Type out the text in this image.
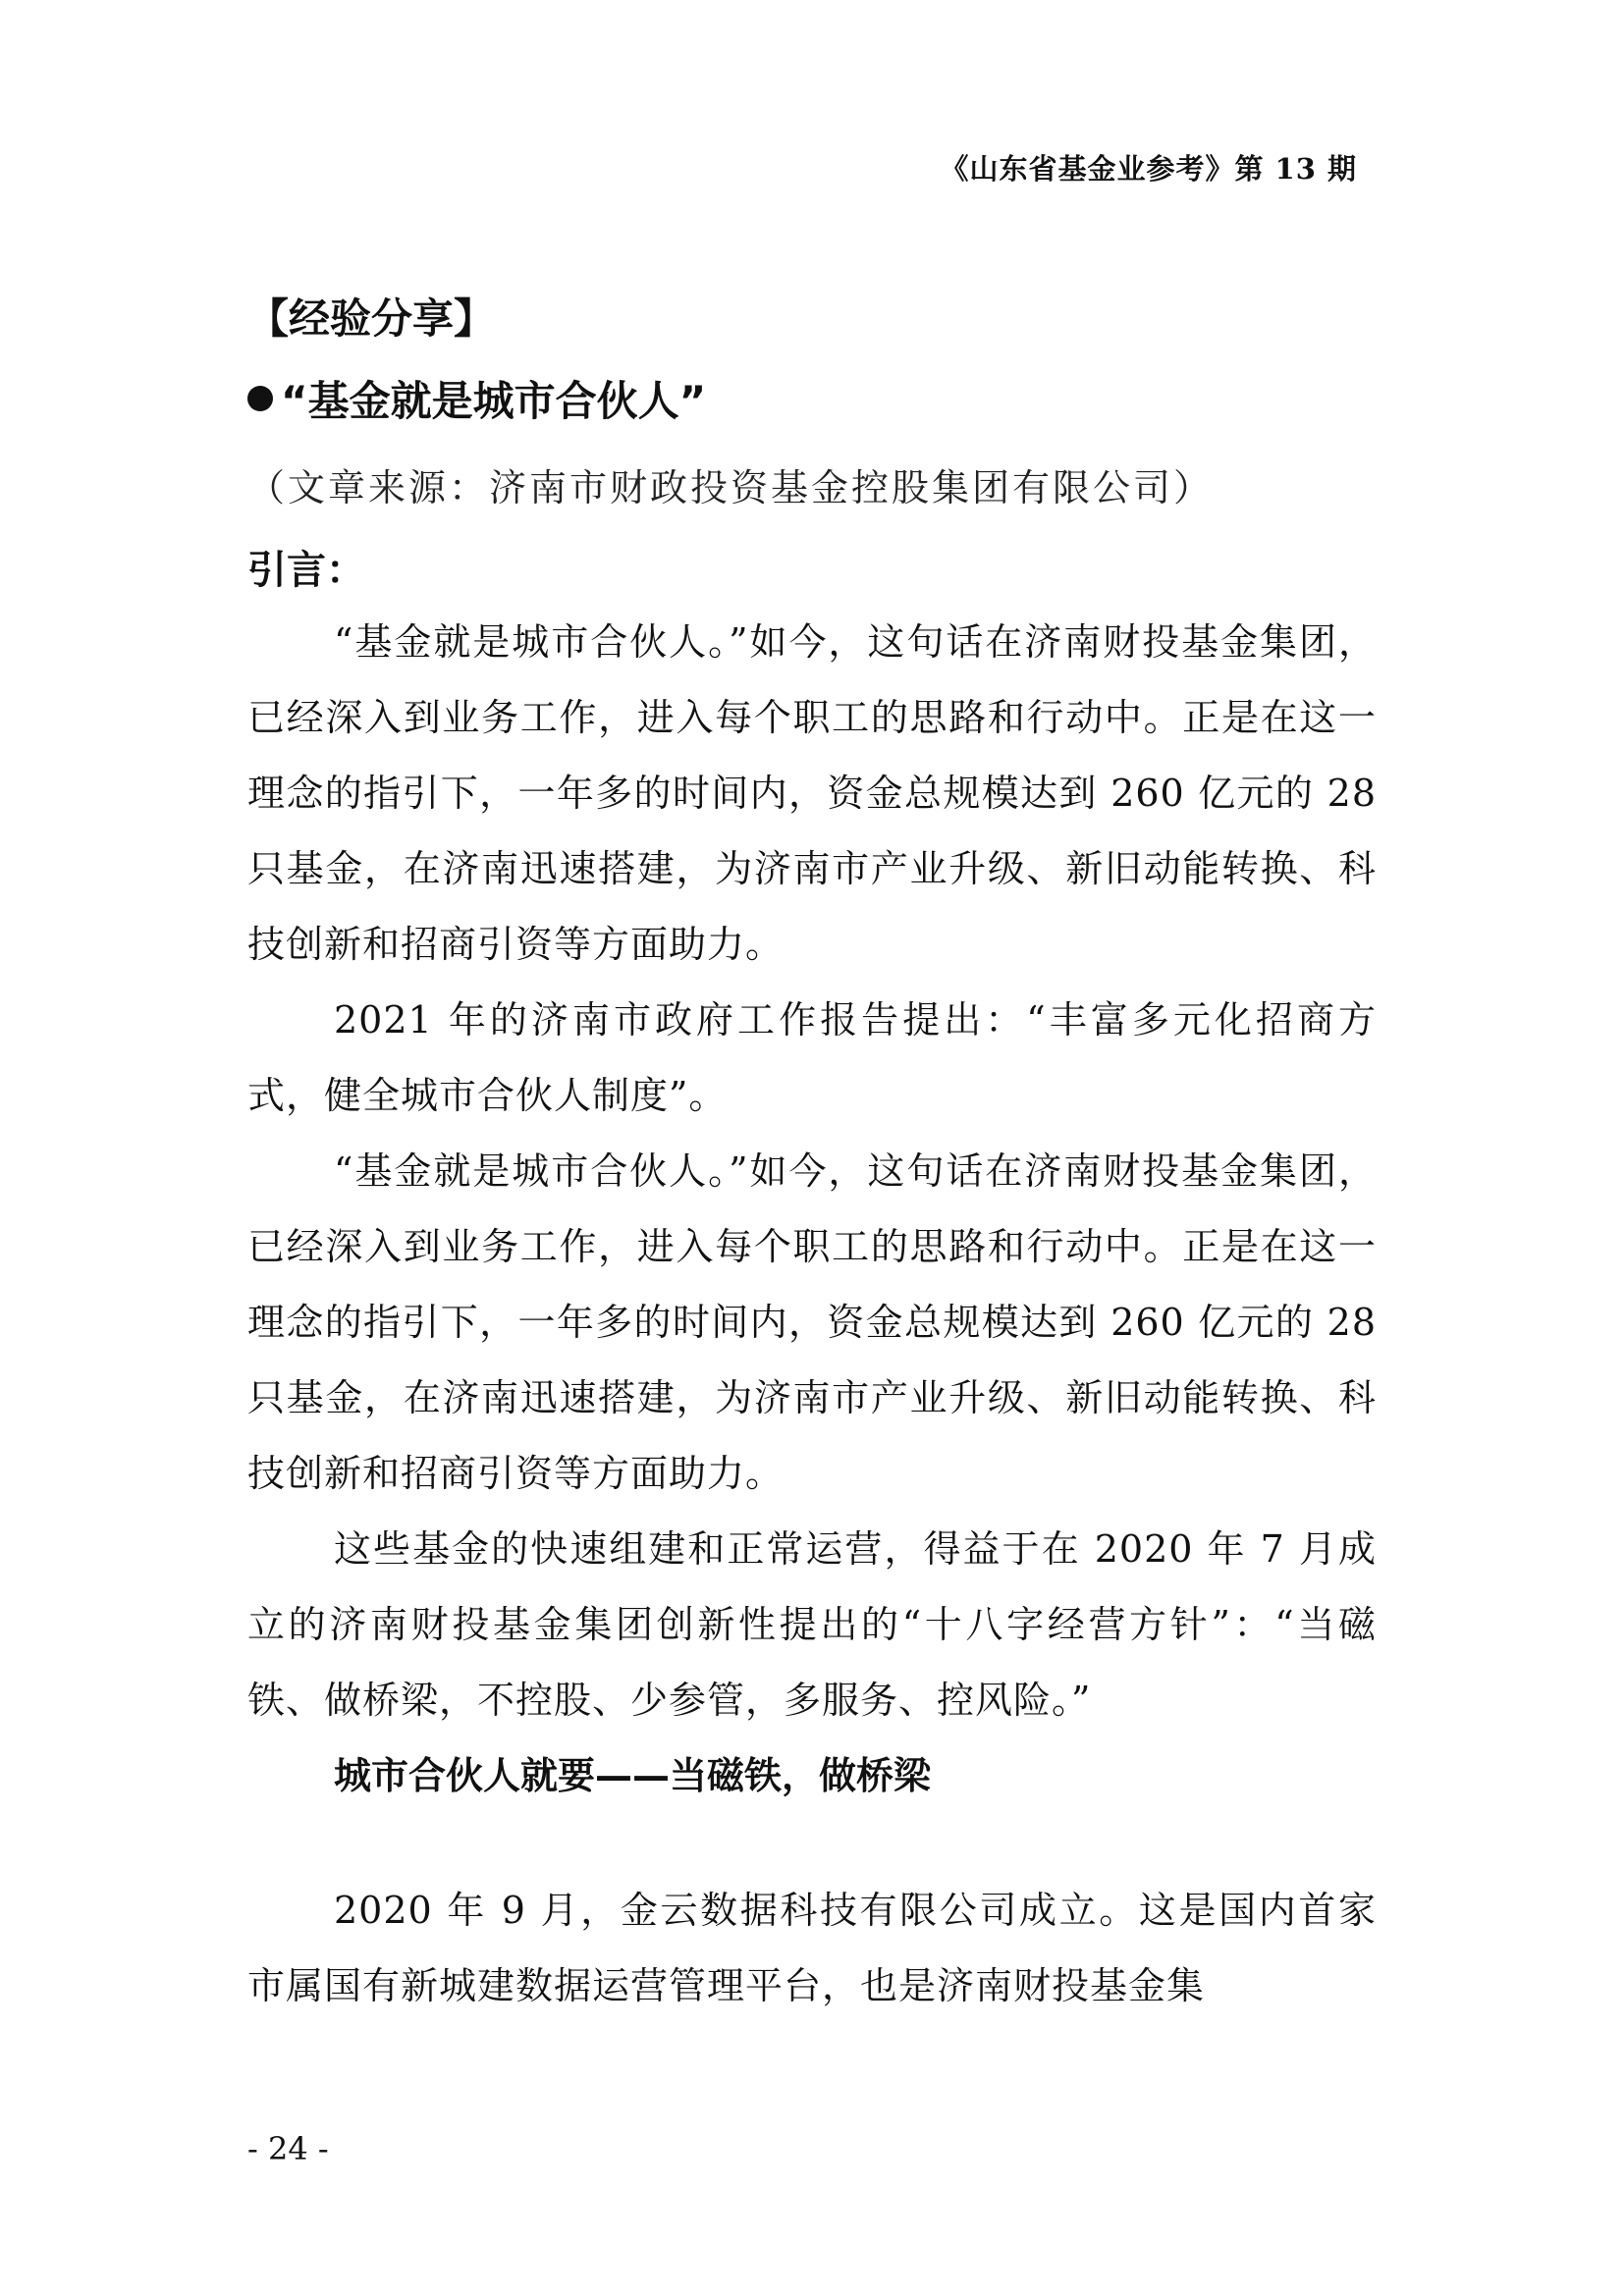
《山东省基金业参考》第 13 期

【经验分享】

“基金就是城市合伙人”

（文章来源：济南市财政投资基金控股集团有限公司）

引言：

“基金就是城市合伙人。”如今，这句话在济南财投基金集团，已经深入到业务工作，进入每个职工的思路和行动中。正是在这一理念的指引下，一年多的时间内，资金总规模达到 260 亿元的 28 只基金，在济南迅速搭建，为济南市产业升级、新旧动能转换、科技创新和招商引资等方面助力。

2021 年的济南市政府工作报告提出：“丰富多元化招商方式，健全城市合伙人制度”。

“基金就是城市合伙人。”如今，这句话在济南财投基金集团，已经深入到业务工作，进入每个职工的思路和行动中。正是在这一理念的指引下，一年多的时间内，资金总规模达到 260 亿元的 28 只基金，在济南迅速搭建，为济南市产业升级、新旧动能转换、科技创新和招商引资等方面助力。

这些基金的快速组建和正常运营，得益于在 2020 年 7 月成立的济南财投基金集团创新性提出的“十八字经营方针”：“当磁铁、做桥梁，不控股、少参管，多服务、控风险。”

城市合伙人就要——当磁铁，做桥梁

2020 年 9 月，金云数据科技有限公司成立。这是国内首家市属国有新城建数据运营管理平台，也是济南财投基金集

- 24 -
